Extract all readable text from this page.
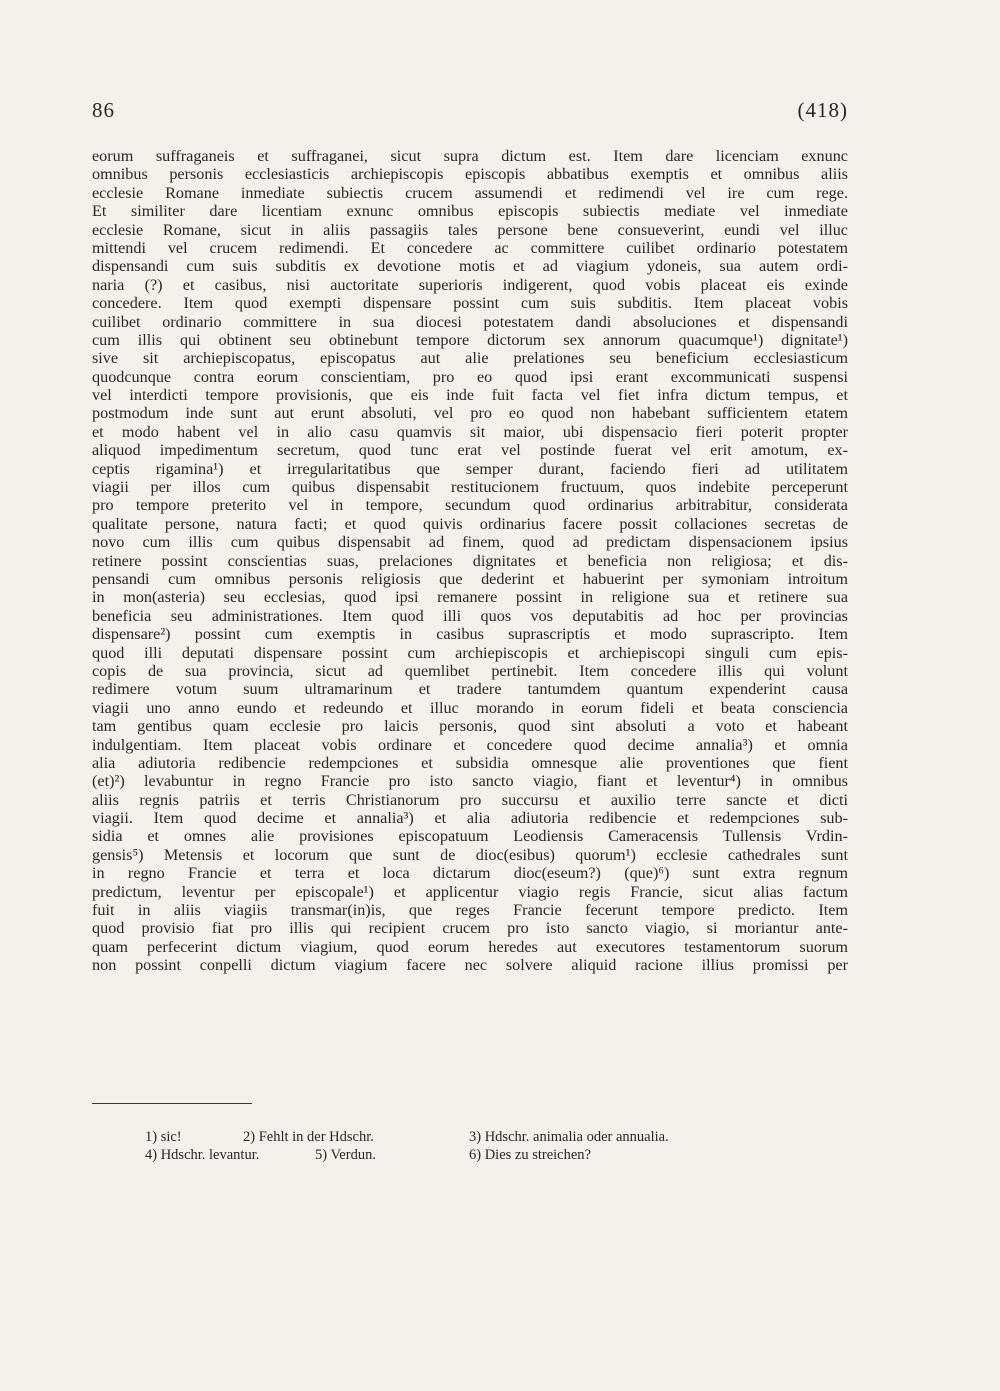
86	(418)
eorum suffraganeis et suffraganei, sicut supra dictum est. Item dare licenciam exnunc
omnibus personis ecclesiasticis archiepiscopis episcopis abbatibus exemptis et omnibus aliis
ecclesie Romane inmediate subiectis crucem assumendi et redimendi vel ire cum rege.
Et similiter dare licentiam exnunc omnibus episcopis subiectis mediate vel inmediate
ecclesie Romane, sicut in aliis passagiis tales persone bene consueverint, eundi vel illuc
mittendi vel crucem redimendi. Et concedere ac committere cuilibet ordinario potestatem
dispensandi cum suis subditis ex devotione motis et ad viagium ydoneis, sua autem ordi-
naria (?) et casibus, nisi auctoritate superioris indigerent, quod vobis placeat eis exinde
concedere. Item quod exempti dispensare possint cum suis subditis. Item placeat vobis
cuilibet ordinario committere in sua diocesi potestatem dandi absoluciones et dispensandi
cum illis qui obtinent seu obtinebunt tempore dictorum sex annorum quacumque¹) dignitate¹)
sive sit archiepiscopatus, episcopatus aut alie prelationes seu beneficium ecclesiasticum
quodcunque contra eorum conscientiam, pro eo quod ipsi erant excommunicati suspensi
vel interdicti tempore provisionis, que eis inde fuit facta vel fiet infra dictum tempus, et
postmodum inde sunt aut erunt absoluti, vel pro eo quod non habebant sufficientem etatem
et modo habent vel in alio casu quamvis sit maior, ubi dispensacio fieri poterit propter
aliquod impedimentum secretum, quod tunc erat vel postinde fuerat vel erit amotum, ex-
ceptis rigamina¹) et irregularitatibus que semper durant, faciendo fieri ad utilitatem
viagii per illos cum quibus dispensabit restitucionem fructuum, quos indebite perceperunt
pro tempore preterito vel in tempore, secundum quod ordinarius arbitrabitur, considerata
qualitate persone, natura facti; et quod quivis ordinarius facere possit collaciones secretas de
novo cum illis cum quibus dispensabit ad finem, quod ad predictam dispensacionem ipsius
retinere possint conscientias suas, prelaciones dignitates et beneficia non religiosa; et dis-
pensandi cum omnibus personis religiosis que dederint et habuerint per symoniam introitum
in mon(asteria) seu ecclesias, quod ipsi remanere possint in religione sua et retinere sua
beneficia seu administrationes. Item quod illi quos vos deputabitis ad hoc per provincias
dispensare²) possint cum exemptis in casibus suprascriptis et modo suprascripto. Item
quod illi deputati dispensare possint cum archiepiscopis et archiepiscopi singuli cum epis-
copis de sua provincia, sicut ad quemlibet pertinebit. Item concedere illis qui volunt
redimere votum suum ultramarinum et tradere tantumdem quantum expenderint causa
viagii uno anno eundo et redeundo et illuc morando in eorum fideli et beata consciencia
tam gentibus quam ecclesie pro laicis personis, quod sint absoluti a voto et habeant
indulgentiam. Item placeat vobis ordinare et concedere quod decime annalia³) et omnia
alia adiutoria redibencie redempciones et subsidia omnesque alie proventiones que fient
(et)²) levabuntur in regno Francie pro isto sancto viagio, fiant et leventur⁴) in omnibus
aliis regnis patriis et terris Christianorum pro succursu et auxilio terre sancte et dicti
viagii. Item quod decime et annalia³) et alia adiutoria redibencie et redempciones sub-
sidia et omnes alie provisiones episcopatuum Leodiensis Cameracensis Tullensis Vrdin-
gensis⁵) Metensis et locorum que sunt de dioc(esibus) quorum¹) ecclesie cathedrales sunt
in regno Francie et terra et loca dictarum dioc(eseum?) (que)⁶) sunt extra regnum
predictum, leventur per episcopale¹) et applicentur viagio regis Francie, sicut alias factum
fuit in aliis viagiis transmar(in)is, que reges Francie fecerunt tempore predicto. Item
quod provisio fiat pro illis qui recipient crucem pro isto sancto viagio, si moriantur ante-
quam perfecerint dictum viagium, quod eorum heredes aut executores testamentorum suorum
non possint conpelli dictum viagium facere nec solvere aliquid racione illius promissi per
1) sic!	2) Fehlt in der Hdschr.	3) Hdschr. animalia oder annualia.
4) Hdschr. levantur.	5) Verdun.	6) Dies zu streichen?
